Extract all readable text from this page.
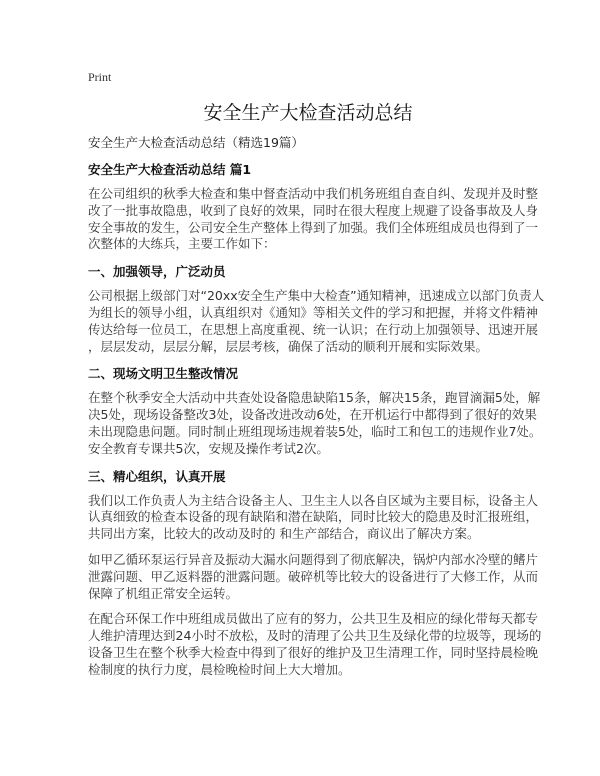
Print
安全生产大检查活动总结
安全生产大检查活动总结（精选19篇）
安全生产大检查活动总结 篇1
在公司组织的秋季大检查和集中督查活动中我们机务班组自查自纠、发现并及时整
改了一批事故隐患，收到了良好的效果，同时在很大程度上规避了设备事故及人身
安全事故的发生，公司安全生产整体上得到了加强。我们全体班组成员也得到了一
次整体的大练兵，主要工作如下：
一、加强领导，广泛动员
公司根据上级部门对“20xx安全生产集中大检查”通知精神，迅速成立以部门负责人
为组长的领导小组，认真组织对《通知》等相关文件的学习和把握，并将文件精神
传达给每一位员工，在思想上高度重视、统一认识；在行动上加强领导、迅速开展
，层层发动，层层分解，层层考核，确保了活动的顺利开展和实际效果。
二、现场文明卫生整改情况
在整个秋季安全大活动中共查处设备隐患缺陷15条，解决15条，跑冒滴漏5处，解
决5处，现场设备整改3处，设备改进改动6处，在开机运行中都得到了很好的效果
未出现隐患问题。同时制止班组现场违规着装5处，临时工和包工的违规作业7处。
安全教育专课共5次，安规及操作考试2次。
三、精心组织，认真开展
我们以工作负责人为主结合设备主人、卫生主人以各自区域为主要目标，设备主人
认真细致的检查本设备的现有缺陷和潜在缺陷，同时比较大的隐患及时汇报班组，
共同出方案，比较大的改动及时的 和生产部结合，商议出了解决方案。
如甲乙循环泵运行异音及振动大漏水问题得到了彻底解决，锅炉内部水冷壁的鳍片
泄露问题、甲乙返料器的泄露问题。破碎机等比较大的设备进行了大修工作，从而
保障了机组正常安全运转。
在配合环保工作中班组成员做出了应有的努力，公共卫生及相应的绿化带每天都专
人维护清理达到24小时不放松，及时的清理了公共卫生及绿化带的垃圾等，现场的
设备卫生在整个秋季大检查中得到了很好的维护及卫生清理工作，同时坚持晨检晚
检制度的执行力度，晨检晚检时间上大大增加。
